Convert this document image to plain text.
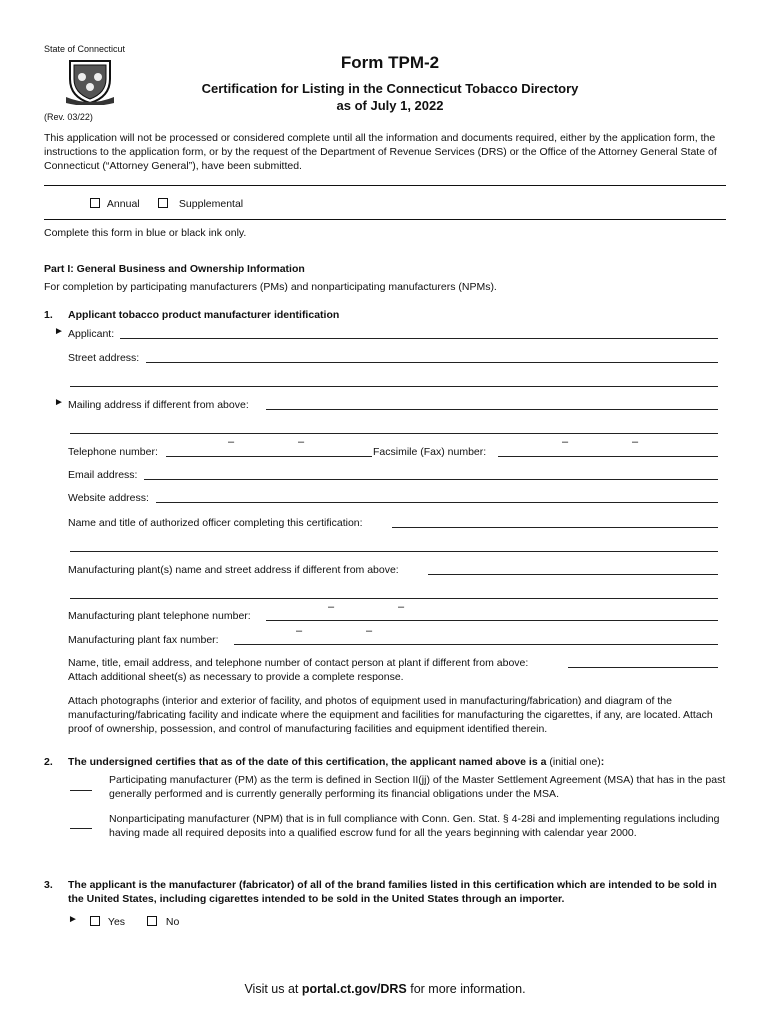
State of Connecticut
(Rev. 03/22)
Form TPM-2
Certification for Listing in the Connecticut Tobacco Directory
as of July 1, 2022
This application will not be processed or considered complete until all the information and documents required, either by the application form, the instructions to the application form, or by the request of the Department of Revenue Services (DRS) or the Office of the Attorney General State of Connecticut (“Attorney General”), have been submitted.
Annual	Supplemental
Complete this form in blue or black ink only.
Part I: General Business and Ownership Information
For completion by participating manufacturers (PMs) and nonparticipating manufacturers (NPMs).
1. Applicant tobacco product manufacturer identification
► Applicant:
Street address:
► Mailing address if different from above:
Telephone number:
–	–
Facsimile (Fax) number:
–	–
Email address:
Website address:
Name and title of authorized officer completing this certification:
Manufacturing plant(s) name and street address if different from above:
Manufacturing plant telephone number:
–	–
Manufacturing plant fax number:
–	–
Name, title, email address, and telephone number of contact person at plant if different from above:
Attach additional sheet(s) as necessary to provide a complete response.
Attach photographs (interior and exterior of facility, and photos of equipment used in manufacturing/fabrication) and diagram of the manufacturing/fabricating facility and indicate where the equipment and facilities for manufacturing the cigarettes, if any, are located. Attach proof of ownership, possession, and control of manufacturing facilities and equipment identified therein.
2. The undersigned certifies that as of the date of this certification, the applicant named above is a (initial one):
Participating manufacturer (PM) as the term is defined in Section II(jj) of the Master Settlement Agreement (MSA) that has in the past generally performed and is currently generally performing its financial obligations under the MSA.
Nonparticipating manufacturer (NPM) that is in full compliance with Conn. Gen. Stat. § 4-28i and implementing regulations including having made all required deposits into a qualified escrow fund for all the years beginning with calendar year 2000.
3. The applicant is the manufacturer (fabricator) of all of the brand families listed in this certification which are intended to be sold in the United States, including cigarettes intended to be sold in the United States through an importer.
►	Yes	No
Visit us at portal.ct.gov/DRS for more information.
